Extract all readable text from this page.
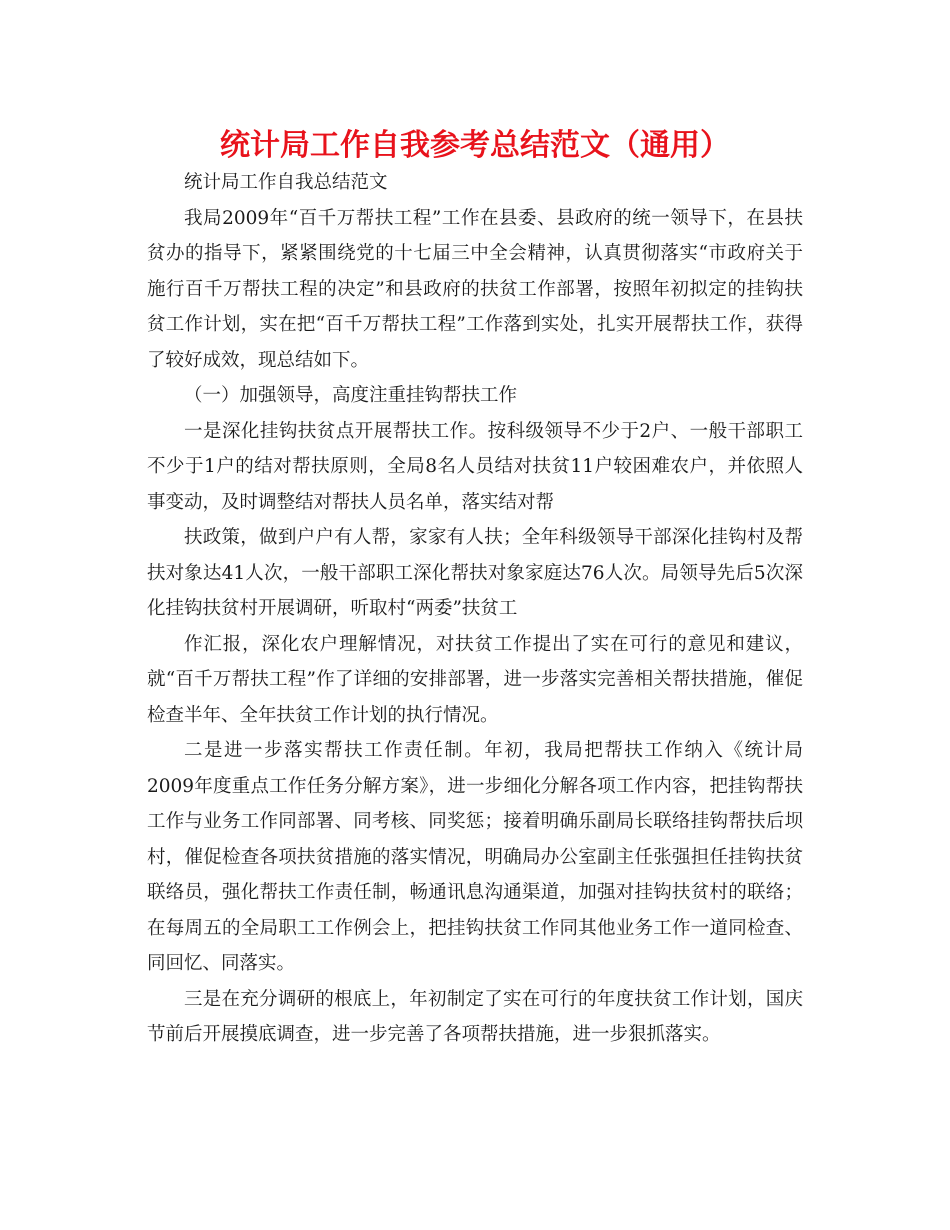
统计局工作自我参考总结范文（通用）

统计局工作自我总结范文

我局2009年“百千万帮扶工程”工作在县委、县政府的统一领导下，在县扶贫办的指导下，紧紧围绕党的十七届三中全会精神，认真贯彻落实“市政府关于施行百千万帮扶工程的决定”和县政府的扶贫工作部署，按照年初拟定的挂钩扶贫工作计划，实在把“百千万帮扶工程”工作落到实处，扎实开展帮扶工作，获得了较好成效，现总结如下。

（一）加强领导，高度注重挂钩帮扶工作

一是深化挂钩扶贫点开展帮扶工作。按科级领导不少于2户、一般干部职工不少于1户的结对帮扶原则，全局8名人员结对扶贫11户较困难农户，并依照人事变动，及时调整结对帮扶人员名单，落实结对帮

扶政策，做到户户有人帮，家家有人扶；全年科级领导干部深化挂钩村及帮扶对象达41人次，一般干部职工深化帮扶对象家庭达76人次。局领导先后5次深化挂钩扶贫村开展调研，听取村“两委”扶贫工

作汇报，深化农户理解情况，对扶贫工作提出了实在可行的意见和建议，就“百千万帮扶工程”作了详细的安排部署，进一步落实完善相关帮扶措施，催促检查半年、全年扶贫工作计划的执行情况。

二是进一步落实帮扶工作责任制。年初，我局把帮扶工作纳入《统计局2009年度重点工作任务分解方案》，进一步细化分解各项工作内容，把挂钩帮扶工作与业务工作同部署、同考核、同奖惩；接着明确乐副局长联络挂钩帮扶后坝村，催促检查各项扶贫措施的落实情况，明确局办公室副主任张强担任挂钩扶贫联络员，强化帮扶工作责任制，畅通讯息沟通渠道，加强对挂钩扶贫村的联络；在每周五的全局职工工作例会上，把挂钩扶贫工作同其他业务工作一道同检查、同回忆、同落实。

三是在充分调研的根底上，年初制定了实在可行的年度扶贫工作计划，国庆节前后开展摸底调查，进一步完善了各项帮扶措施，进一步狠抓落实。
